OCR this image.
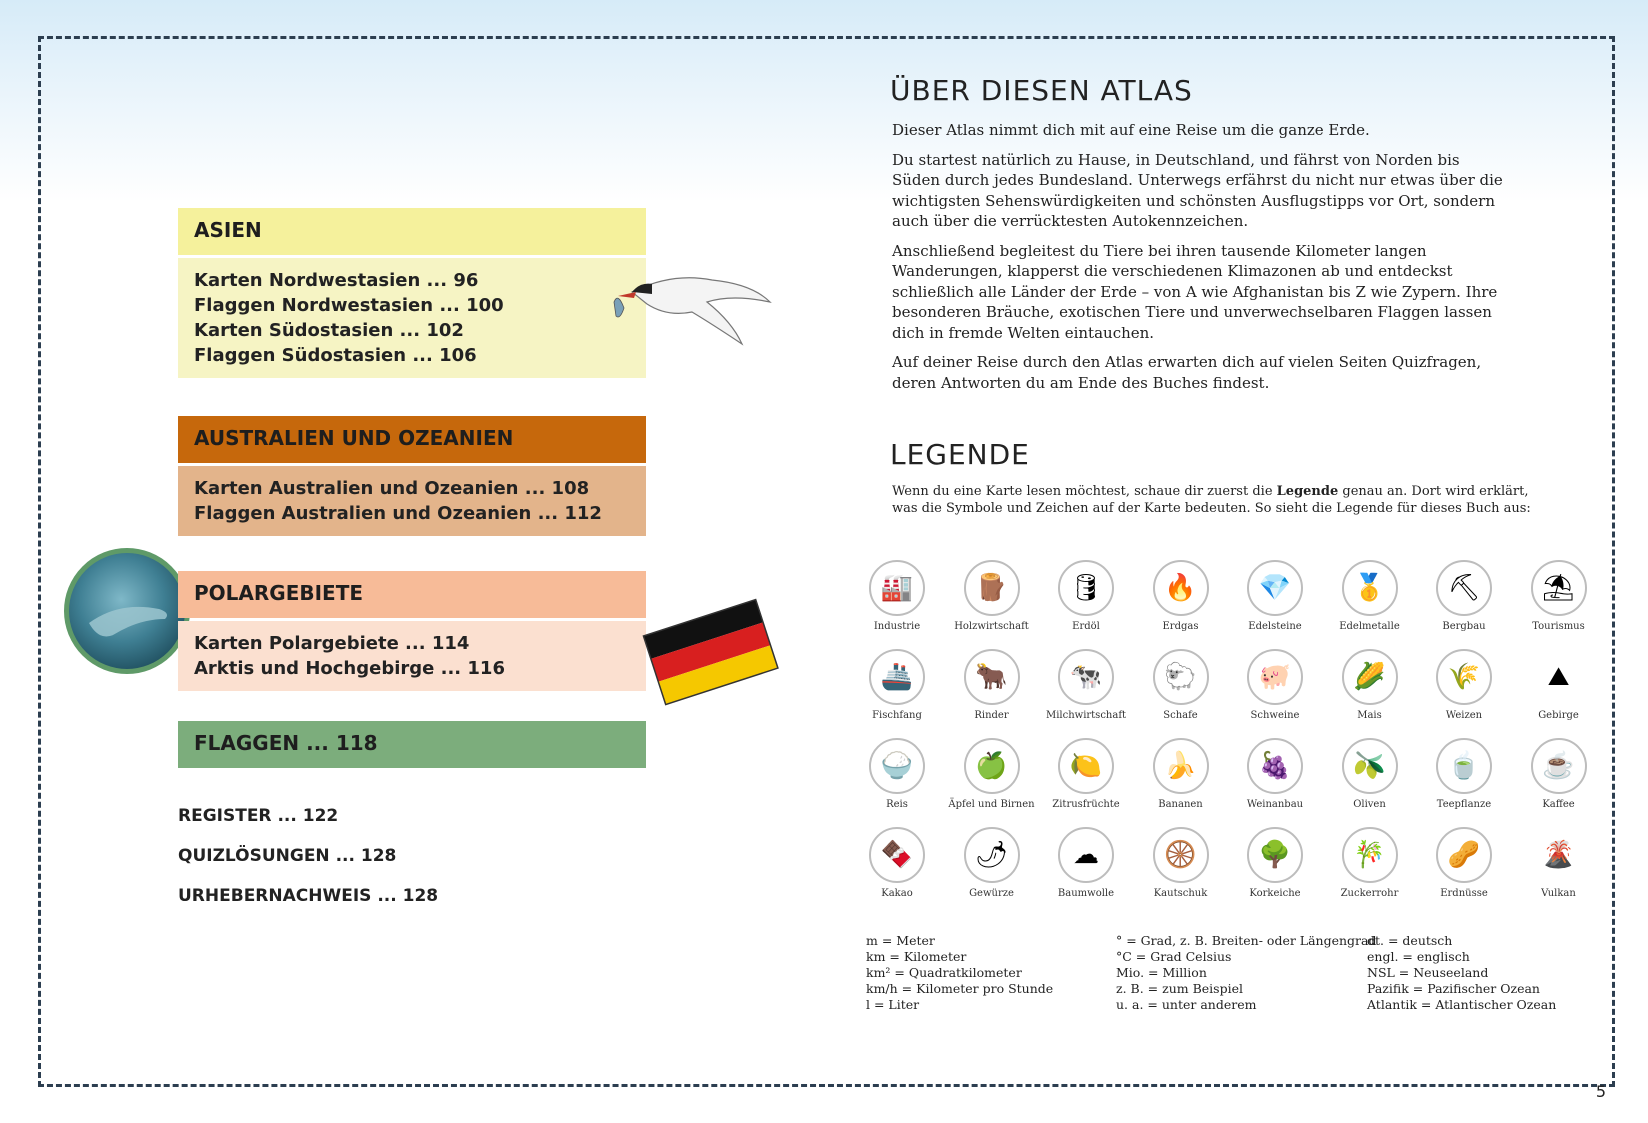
ASIEN
Karten Nordwestasien ... 96
Flaggen Nordwestasien ... 100
Karten Südostasien ... 102
Flaggen Südostasien ... 106
AUSTRALIEN UND OZEANIEN
Karten Australien und Ozeanien ... 108
Flaggen Australien und Ozeanien ... 112
POLARGEBIETE
Karten Polargebiete ... 114
Arktis und Hochgebirge ... 116
FLAGGEN ... 118
REGISTER ... 122
QUIZLÖSUNGEN ... 128
URHEBERNACHWEIS ... 128
ÜBER DIESEN ATLAS

Dieser Atlas nimmt dich mit auf eine Reise um die ganze Erde.

Du startest natürlich zu Hause, in Deutschland, und fährst von Norden bis Süden durch jedes Bundesland. Unterwegs erfährst du nicht nur etwas über die wichtigsten Sehenswürdigkeiten und schönsten Ausflugstipps vor Ort, sondern auch über die verrücktesten Autokennzeichen.

Anschließend begleitest du Tiere bei ihren tausende Kilometer langen Wanderungen, klapperst die verschiedenen Klimazonen ab und entdeckst schließlich alle Länder der Erde – von A wie Afghanistan bis Z wie Zypern. Ihre besonderen Bräuche, exotischen Tiere und unverwechselbaren Flaggen lassen dich in fremde Welten eintauchen.

Auf deiner Reise durch den Atlas erwarten dich auf vielen Seiten Quizfragen, deren Antworten du am Ende des Buches findest.

LEGENDE
Wenn du eine Karte lesen möchtest, schaue dir zuerst die Legende genau an. Dort wird erklärt, was die Symbole und Zeichen auf der Karte bedeuten. So sieht die Legende für dieses Buch aus:
🏭
Industrie
🪵
Holzwirtschaft
🛢
Erdöl
🔥
Erdgas
💎
Edelsteine
🥇
Edelmetalle
⛏
Bergbau
⛱
Tourismus
🚢
Fischfang
🐂
Rinder
🐄
Milchwirtschaft
🐑
Schafe
🐖
Schweine
🌽
Mais
🌾
Weizen
⛰
Gebirge
🍚
Reis
🍏
Äpfel und Birnen
🍋
Zitrusfrüchte
🍌
Bananen
🍇
Weinanbau
🫒
Oliven
🍵
Teepflanze
☕
Kaffee
🍫
Kakao
🌶
Gewürze
☁
Baumwolle
🛞
Kautschuk
🌳
Korkeiche
🎋
Zuckerrohr
🥜
Erdnüsse
🌋
Vulkan
m = Meter
km = Kilometer
km² = Quadratkilometer
km/h = Kilometer pro Stunde
l = Liter
° = Grad, z. B. Breiten- oder Längengrad
°C = Grad Celsius
Mio. = Million
z. B. = zum Beispiel
u. a. = unter anderem
dt. = deutsch
engl. = englisch
NSL = Neuseeland
Pazifik = Pazifischer Ozean
Atlantik = Atlantischer Ozean
5
